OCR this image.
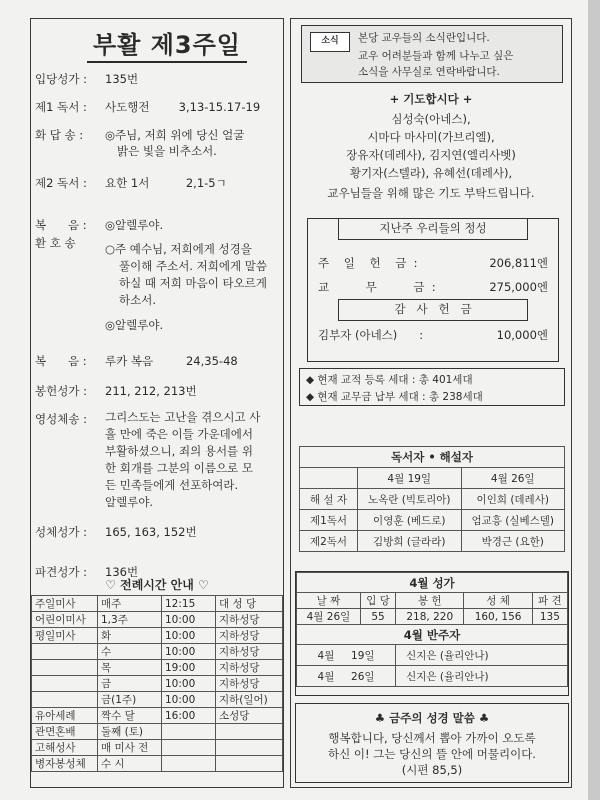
부활 제3주일
입당성가 :	135번
제1 독서 :	사도행전        3,13-15.17-19
화 답 송 :	◎주님, 저희 위에 당신 얼굴
밝은 빛을 비추소서.
제2 독서 :	요한 1서          2,1-5ㄱ
복      음 :	◎알렐루야.
환 호 송	○주 예수님, 저희에게 성경을
풀이해 주소서. 저희에게 말씀
하실 때 저희 마음이 타오르게
하소서.
◎알렐루야.
복      음 :	루카 복음         24,35-48
봉헌성가 :	211, 212, 213번
영성체송 :	그리스도는 고난을 겪으시고 사
흘 만에 죽은 이들 가운데에서
부활하셨으니, 죄의 용서를 위
한 회개를 그분의 이름으로 모
든 민족들에게 선포하여라.
알렐루야.
성체성가 :	165, 163, 152번
파견성가 :	136번
♡ 전례시간 안내 ♡
주일미사	매주	12:15	대 성 당
어린이미사	1,3주	10:00	지하성당
평일미사	화	10:00	지하성당
	수	10:00	지하성당
	목	19:00	지하성당
	금	10:00	지하성당
	금(1주)	10:00	지하(일어)
유아세례	짝수 달	16:00	소성당
관면혼배	둘째 (토)		
고해성사	매 미사 전		
병자봉성체	수 시		
소식	본당 교우들의 소식란입니다.
교우 어려분들과 함께 나누고 싶은
소식을 사무실로 연락바랍니다.
+ 기도합시다 +
심성숙(아네스),
시마다 마사미(가브리엘),
장유자(데레사), 김지연(엘리사벳)
황기자(스텔라), 유혜선(데레사),
교우님들을 위해 많은 기도 부탁드립니다.
지난주 우리들의 정성
주    일    헌    금  :	206,811엔
교          무          금  :	275,000엔
감   사   헌   금
김부자 (아네스)      :	10,000엔
◆ 현재 교적 등록 세대 : 총 401세대
◆ 현재 교무금 납부 세대 : 총 238세대
독서자 • 해설자		
	4월 19일	4월 26일
해 설 자	노옥란 (빅토리아)	이인희 (데레사)
제1독서	이영훈 (베드로)	엄교흥 (실베스델)
제2독서	김방희 (글라라)	박경근 (요한)
4월 성가				
날 짜	입 당	봉 헌	성 체	파 견
4월 26일	55	218, 220	160, 156	135
4월 반주자				
4월     19일		신지은 (율리안나)		
4월     26일		신지은 (율리안나)		
♣ 금주의 성경 말씀 ♣
행복합니다, 당신께서 뽑아 가까이 오도록
하신 이! 그는 당신의 뜰 안에 머물리이다.
(시편 85,5)
